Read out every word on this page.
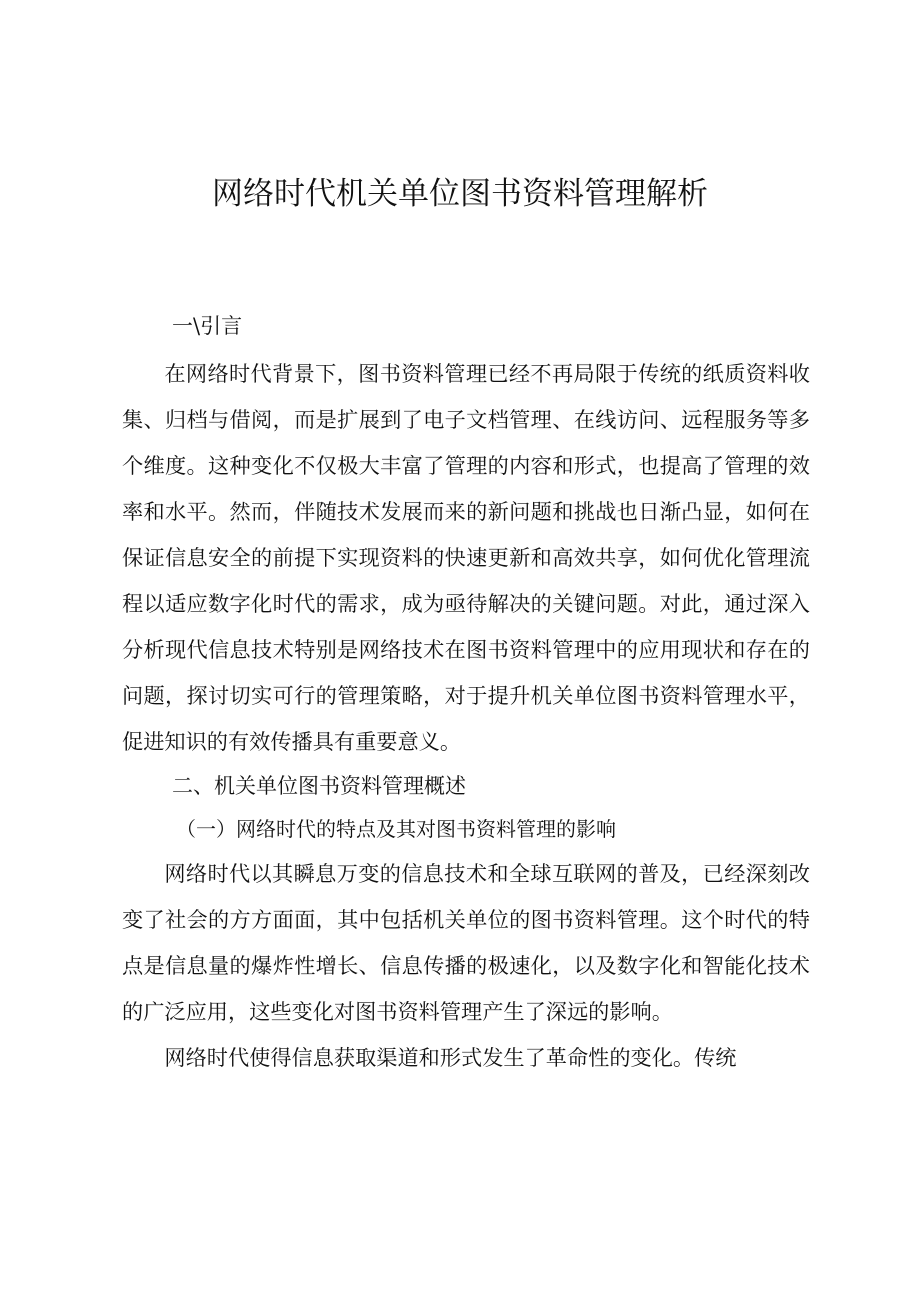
网络时代机关单位图书资料管理解析
一\引言

在网络时代背景下，图书资料管理已经不再局限于传统的纸质资料收集、归档与借阅，而是扩展到了电子文档管理、在线访问、远程服务等多个维度。这种变化不仅极大丰富了管理的内容和形式，也提高了管理的效率和水平。然而，伴随技术发展而来的新问题和挑战也日渐凸显，如何在保证信息安全的前提下实现资料的快速更新和高效共享，如何优化管理流程以适应数字化时代的需求，成为亟待解决的关键问题。对此，通过深入分析现代信息技术特别是网络技术在图书资料管理中的应用现状和存在的问题，探讨切实可行的管理策略，对于提升机关单位图书资料管理水平，促进知识的有效传播具有重要意义。

二、机关单位图书资料管理概述
（一）网络时代的特点及其对图书资料管理的影响

网络时代以其瞬息万变的信息技术和全球互联网的普及，已经深刻改变了社会的方方面面，其中包括机关单位的图书资料管理。这个时代的特点是信息量的爆炸性增长、信息传播的极速化，以及数字化和智能化技术的广泛应用，这些变化对图书资料管理产生了深远的影响。

网络时代使得信息获取渠道和形式发生了革命性的变化。传统
